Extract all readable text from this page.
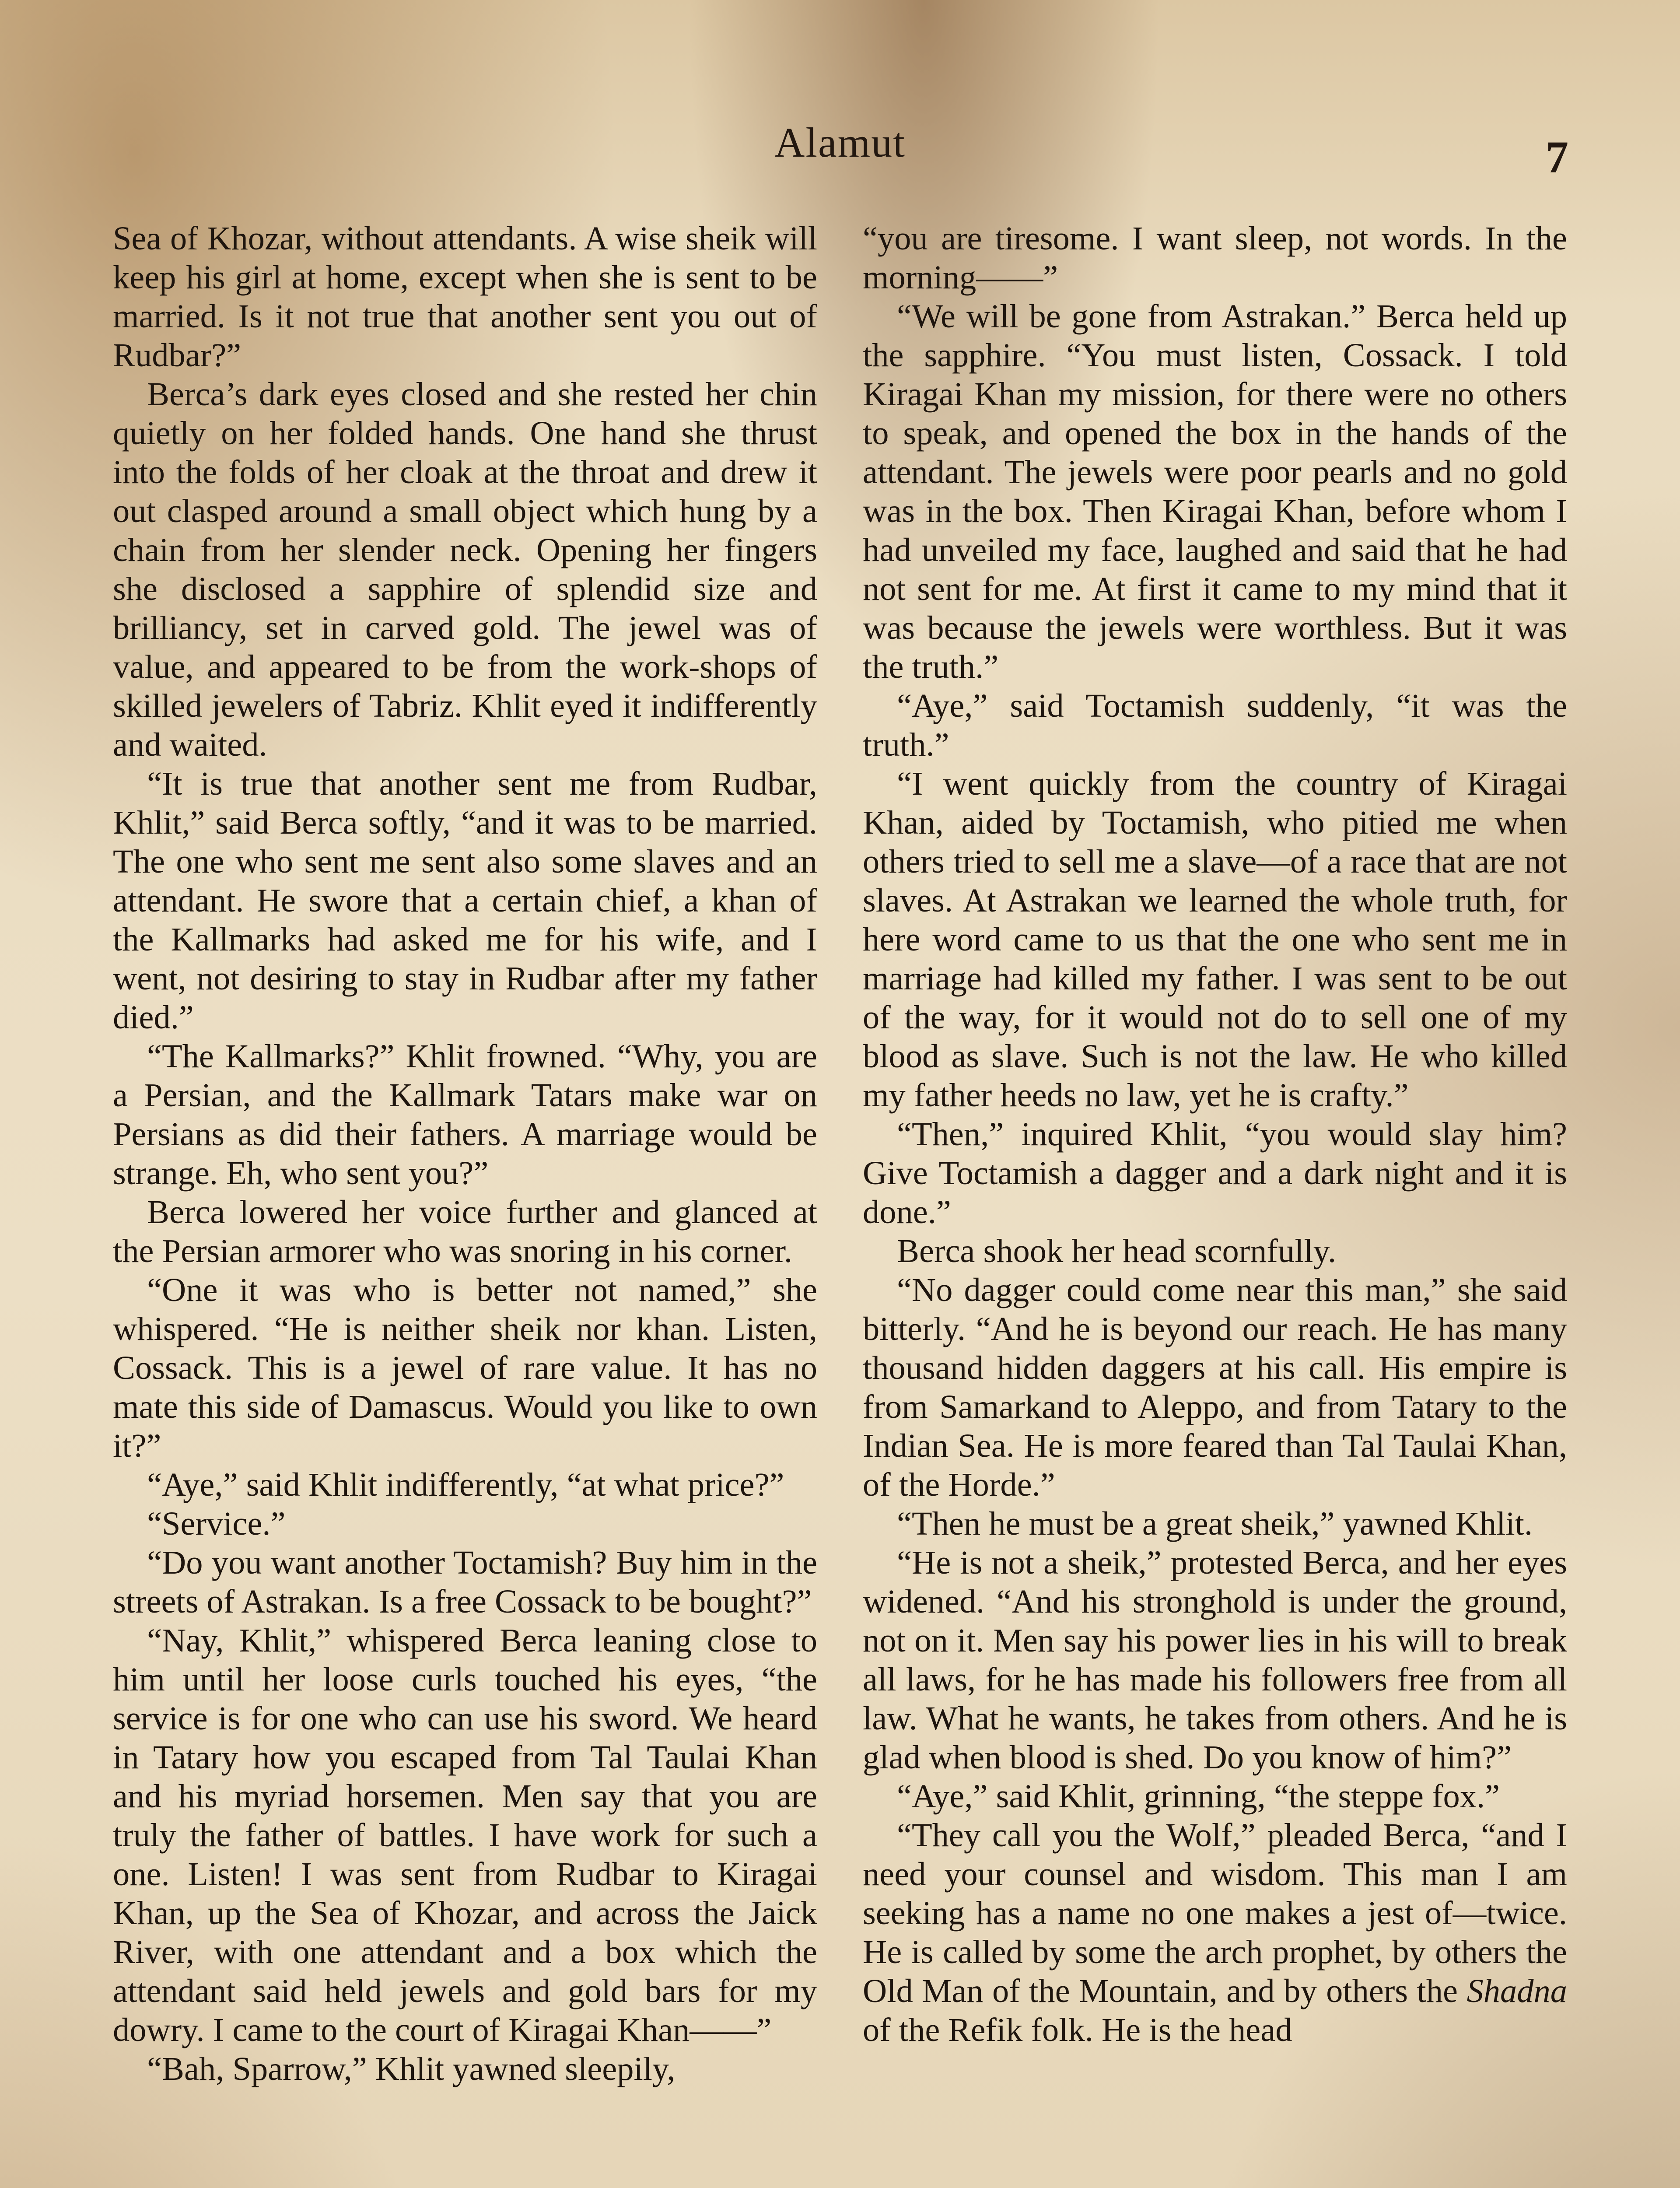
Alamut	7

Sea of Khozar, without attendants. A wise sheik will keep his girl at home, except when she is sent to be married. Is it not true that another sent you out of Rudbar?”

Berca’s dark eyes closed and she rested her chin quietly on her folded hands. One hand she thrust into the folds of her cloak at the throat and drew it out clasped around a small object which hung by a chain from her slender neck. Opening her fingers she disclosed a sapphire of splendid size and brilliancy, set in carved gold. The jewel was of value, and appeared to be from the work-shops of skilled jewelers of Tabriz. Khlit eyed it indifferently and waited.

“It is true that another sent me from Rudbar, Khlit,” said Berca softly, “and it was to be married. The one who sent me sent also some slaves and an attendant. He swore that a certain chief, a khan of the Kallmarks had asked me for his wife, and I went, not desiring to stay in Rudbar after my father died.”

“The Kallmarks?” Khlit frowned. “Why, you are a Persian, and the Kallmark Tatars make war on Persians as did their fathers. A marriage would be strange. Eh, who sent you?”

Berca lowered her voice further and glanced at the Persian armorer who was snoring in his corner.

“One it was who is better not named,” she whispered. “He is neither sheik nor khan. Listen, Cossack. This is a jewel of rare value. It has no mate this side of Damascus. Would you like to own it?”

“Aye,” said Khlit indifferently, “at what price?”

“Service.”

“Do you want another Toctamish? Buy him in the streets of Astrakan. Is a free Cossack to be bought?”

“Nay, Khlit,” whispered Berca leaning close to him until her loose curls touched his eyes, “the service is for one who can use his sword. We heard in Tatary how you escaped from Tal Taulai Khan and his myriad horsemen. Men say that you are truly the father of battles. I have work for such a one. Listen! I was sent from Rudbar to Kiragai Khan, up the Sea of Khozar, and across the Jaick River, with one attendant and a box which the attendant said held jewels and gold bars for my dowry. I came to the court of Kiragai Khan——”

“Bah, Sparrow,” Khlit yawned sleepily,

“you are tiresome. I want sleep, not words. In the morning——”

“We will be gone from Astrakan.” Berca held up the sapphire. “You must listen, Cossack. I told Kiragai Khan my mission, for there were no others to speak, and opened the box in the hands of the attendant. The jewels were poor pearls and no gold was in the box. Then Kiragai Khan, before whom I had unveiled my face, laughed and said that he had not sent for me. At first it came to my mind that it was because the jewels were worthless. But it was the truth.”

“Aye,” said Toctamish suddenly, “it was the truth.”

“I went quickly from the country of Kiragai Khan, aided by Toctamish, who pitied me when others tried to sell me a slave—of a race that are not slaves. At Astrakan we learned the whole truth, for here word came to us that the one who sent me in marriage had killed my father. I was sent to be out of the way, for it would not do to sell one of my blood as slave. Such is not the law. He who killed my father heeds no law, yet he is crafty.”

“Then,” inquired Khlit, “you would slay him? Give Toctamish a dagger and a dark night and it is done.”

Berca shook her head scornfully.

“No dagger could come near this man,” she said bitterly. “And he is beyond our reach. He has many thousand hidden daggers at his call. His empire is from Samarkand to Aleppo, and from Tatary to the Indian Sea. He is more feared than Tal Taulai Khan, of the Horde.”

“Then he must be a great sheik,” yawned Khlit.

“He is not a sheik,” protested Berca, and her eyes widened. “And his stronghold is under the ground, not on it. Men say his power lies in his will to break all laws, for he has made his followers free from all law. What he wants, he takes from others. And he is glad when blood is shed. Do you know of him?”

“Aye,” said Khlit, grinning, “the steppe fox.”

“They call you the Wolf,” pleaded Berca, “and I need your counsel and wisdom. This man I am seeking has a name no one makes a jest of—twice. He is called by some the arch prophet, by others the Old Man of the Mountain, and by others the Shadna of the Refik folk. He is the head
